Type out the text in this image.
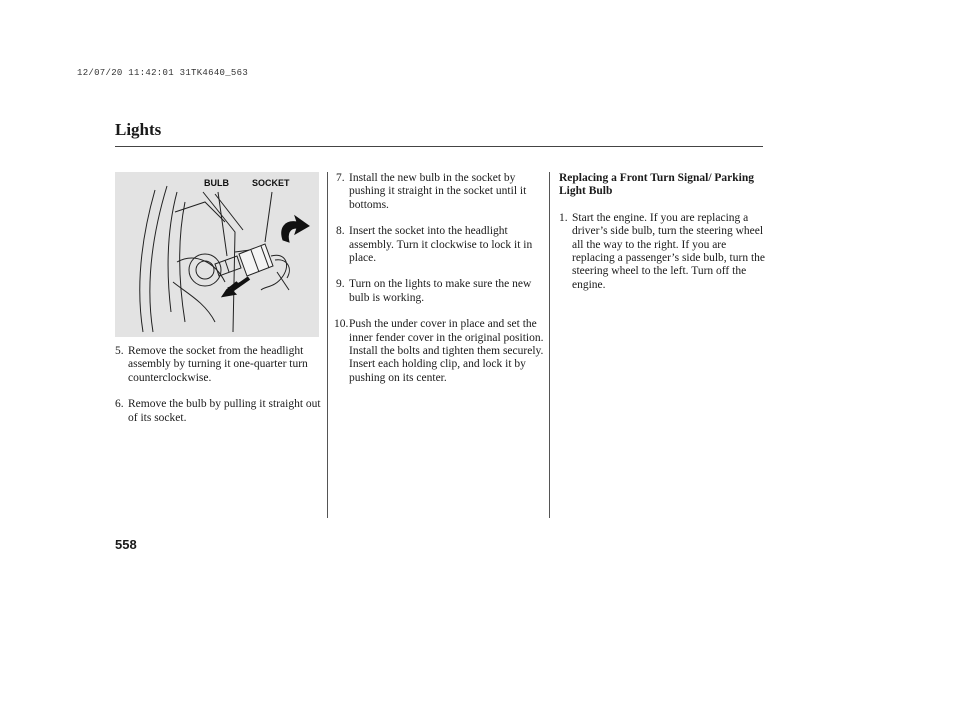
12/07/20 11:42:01 31TK4640_563
Lights
BULB	SOCKET
5. Remove the socket from the headlight assembly by turning it one-quarter turn counterclockwise.
6. Remove the bulb by pulling it straight out of its socket.
7. Install the new bulb in the socket by pushing it straight in the socket until it bottoms.
8. Insert the socket into the headlight assembly. Turn it clockwise to lock it in place.
9. Turn on the lights to make sure the new bulb is working.
10. Push the under cover in place and set the inner fender cover in the original position. Install the bolts and tighten them securely. Insert each holding clip, and lock it by pushing on its center.
Replacing a Front Turn Signal/ Parking Light Bulb
1. Start the engine. If you are replacing a driver’s side bulb, turn the steering wheel all the way to the right. If you are replacing a passenger’s side bulb, turn the steering wheel to the left. Turn off the engine.
558
